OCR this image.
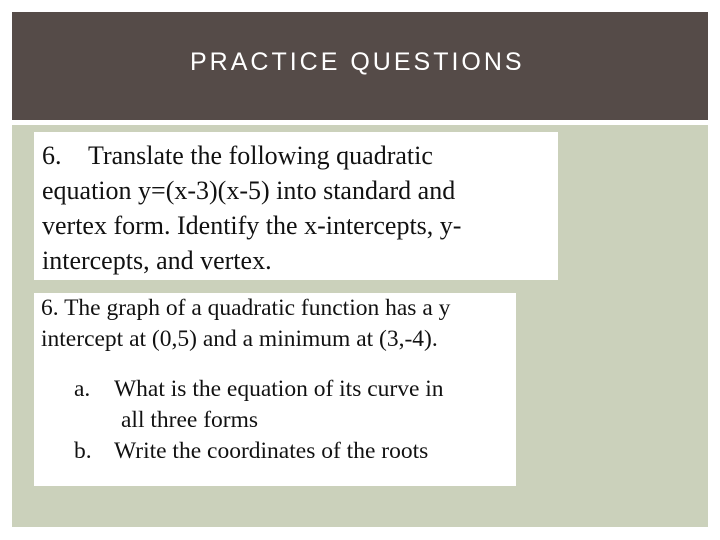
PRACTICE QUESTIONS
6. Translate the following quadratic
equation y=(x-3)(x-5) into standard and
vertex form. Identify the x-intercepts, y-
intercepts, and vertex.
6. The graph of a quadratic function has a y
intercept at (0,5) and a minimum at (3,-4).
a. What is the equation of its curve in
all three forms
b. Write the coordinates of the roots
